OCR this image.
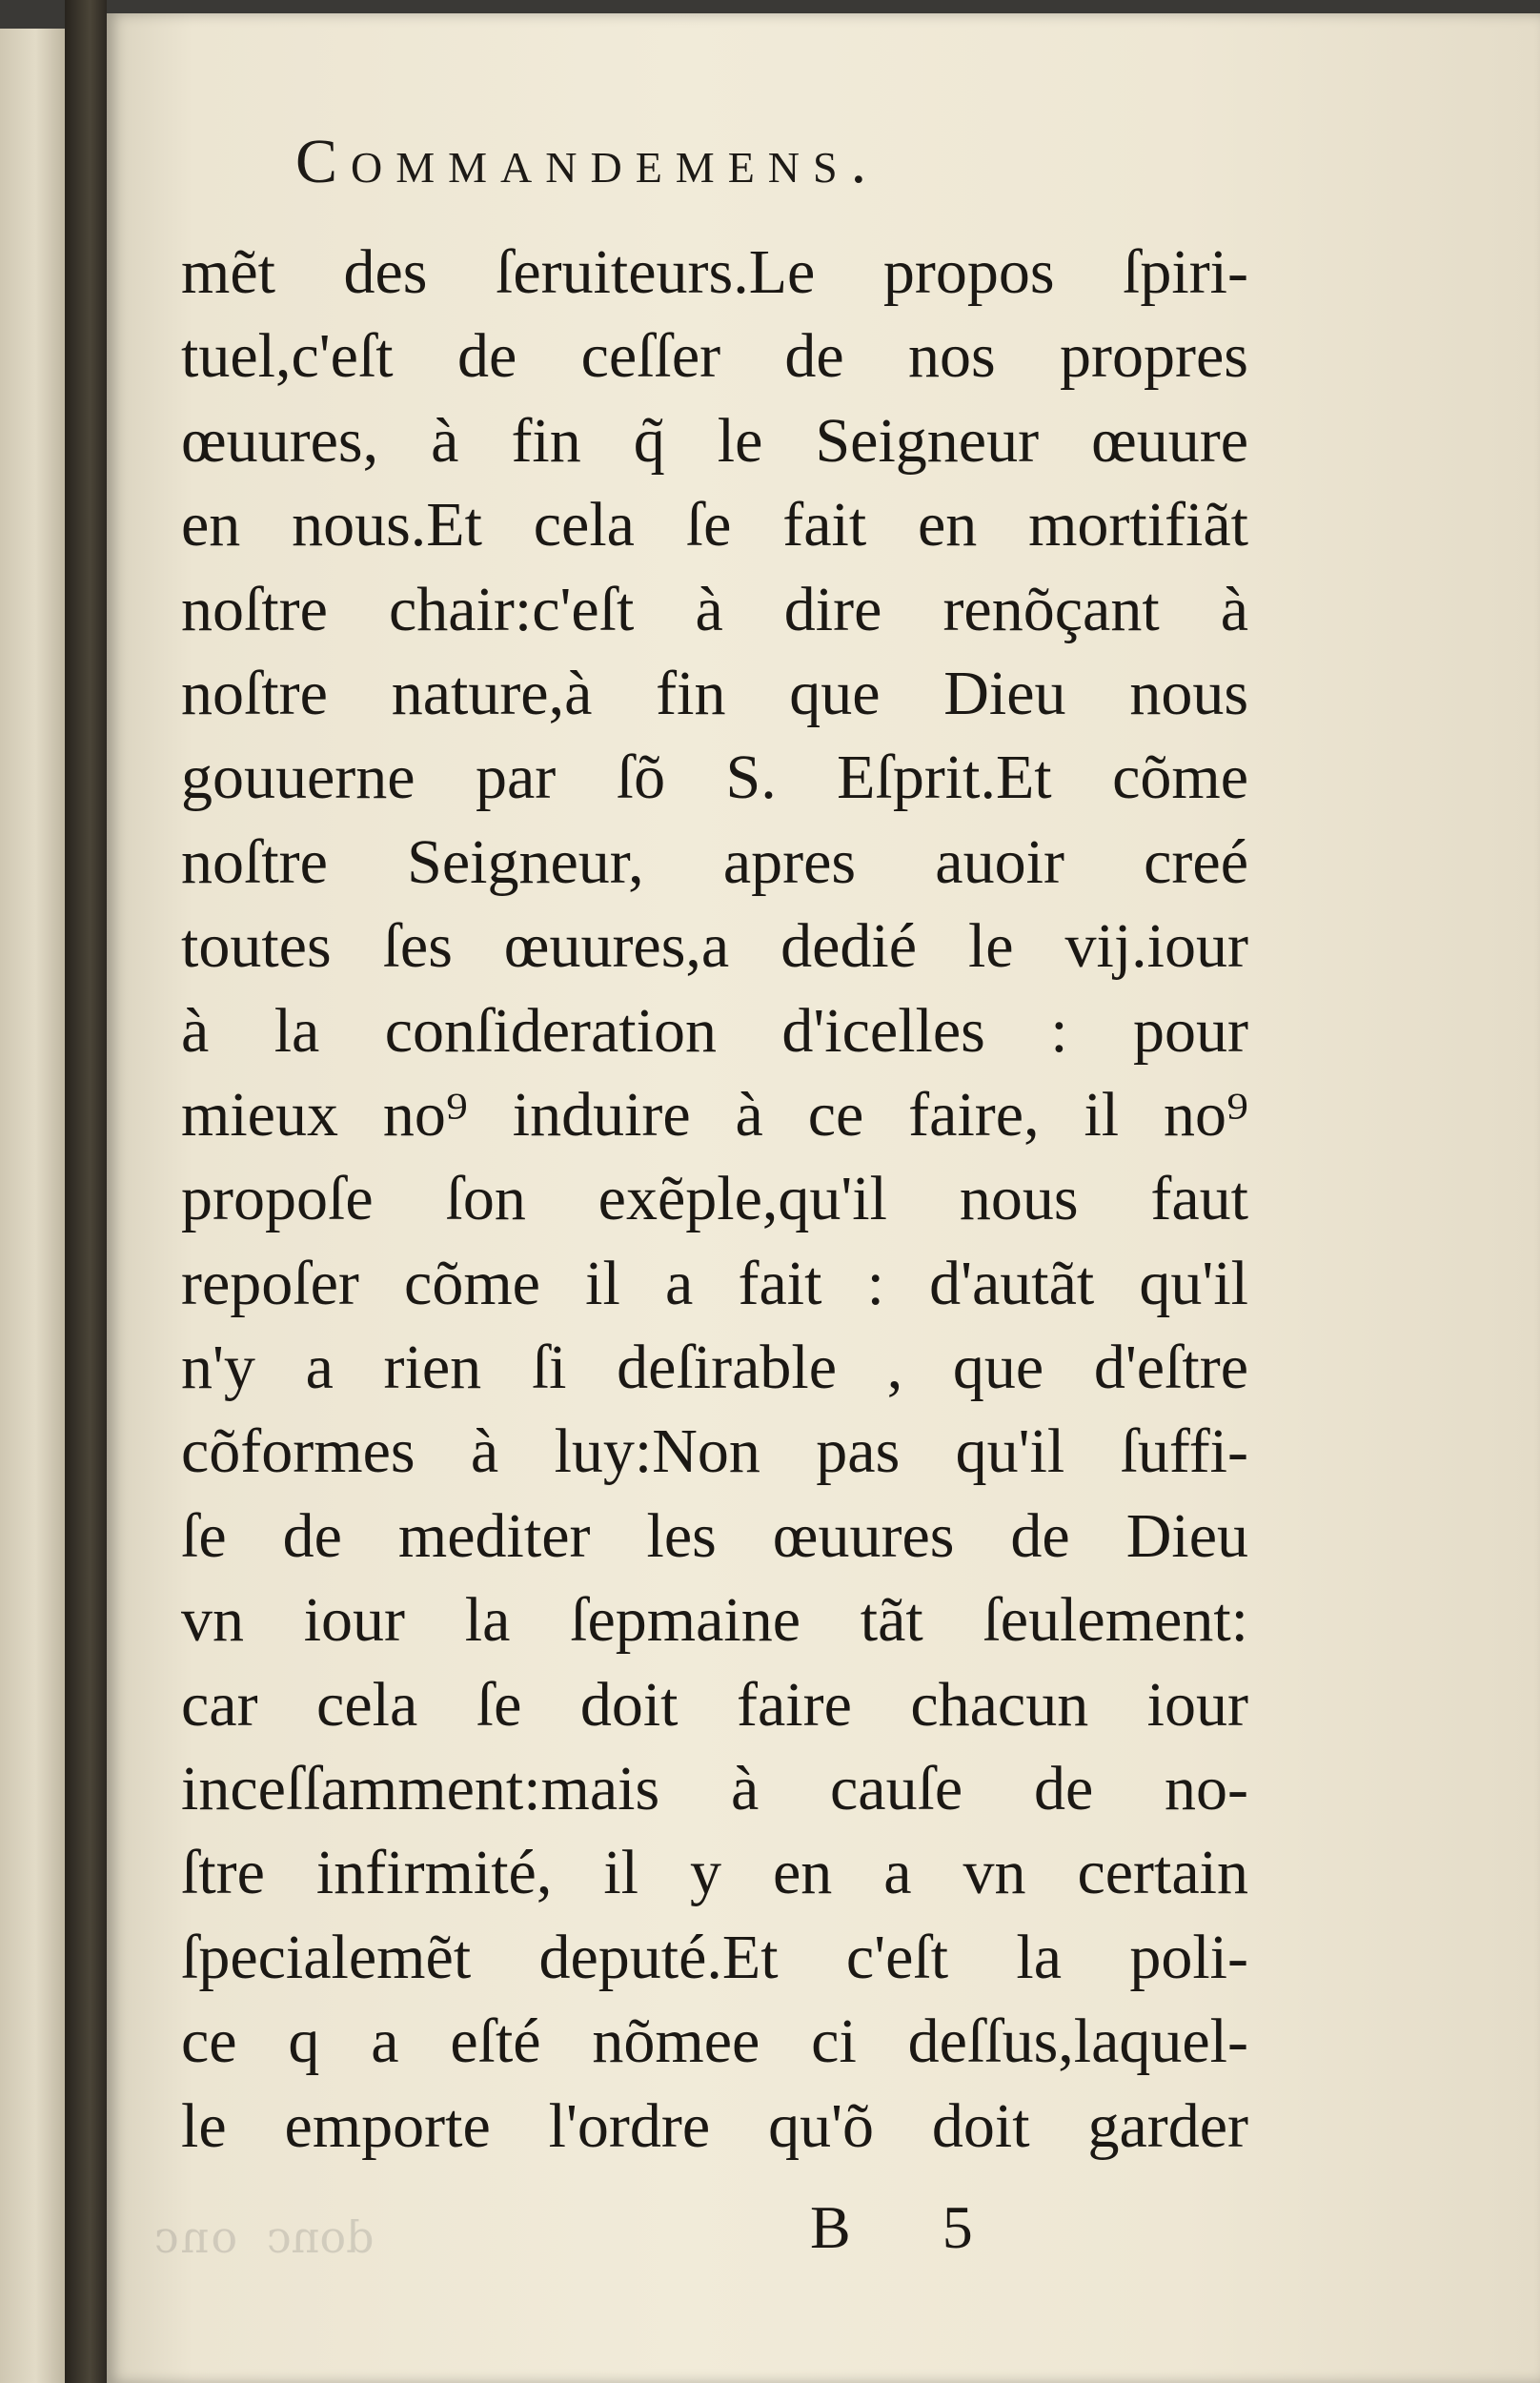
onc donc
Commandemens.
mẽt des ſeruiteurs.Le propos ſpiri-
tuel,c'eſt de ceſſer de nos propres
œuures, à fin q̃ le Seigneur œuure
en nous.Et cela ſe fait en mortifiãt
noſtre chair:c'eſt à dire renõçant à
noſtre nature,à fin que Dieu nous
gouuerne par ſõ S. Eſprit.Et cõme
noſtre Seigneur, apres auoir creé
toutes ſes œuures,a dedié le vij.iour
à la conſideration d'icelles : pour
mieux no⁹ induire à ce faire, il no⁹
propoſe ſon exẽple,qu'il nous faut
repoſer cõme il a fait : d'autãt qu'il
n'y a rien ſi deſirable , que d'eſtre
cõformes à luy:Non pas qu'il ſuffi-
ſe de mediter les œuures de Dieu
vn iour la ſepmaine tãt ſeulement:
car cela ſe doit faire chacun iour
inceſſamment:mais à cauſe de no-
ſtre infirmité, il y en a vn certain
ſpecialemẽt deputé.Et c'eſt la poli-
ce q a eſté nõmee ci deſſus,laquel-
le emporte l'ordre qu'õ doit garder
B 5
